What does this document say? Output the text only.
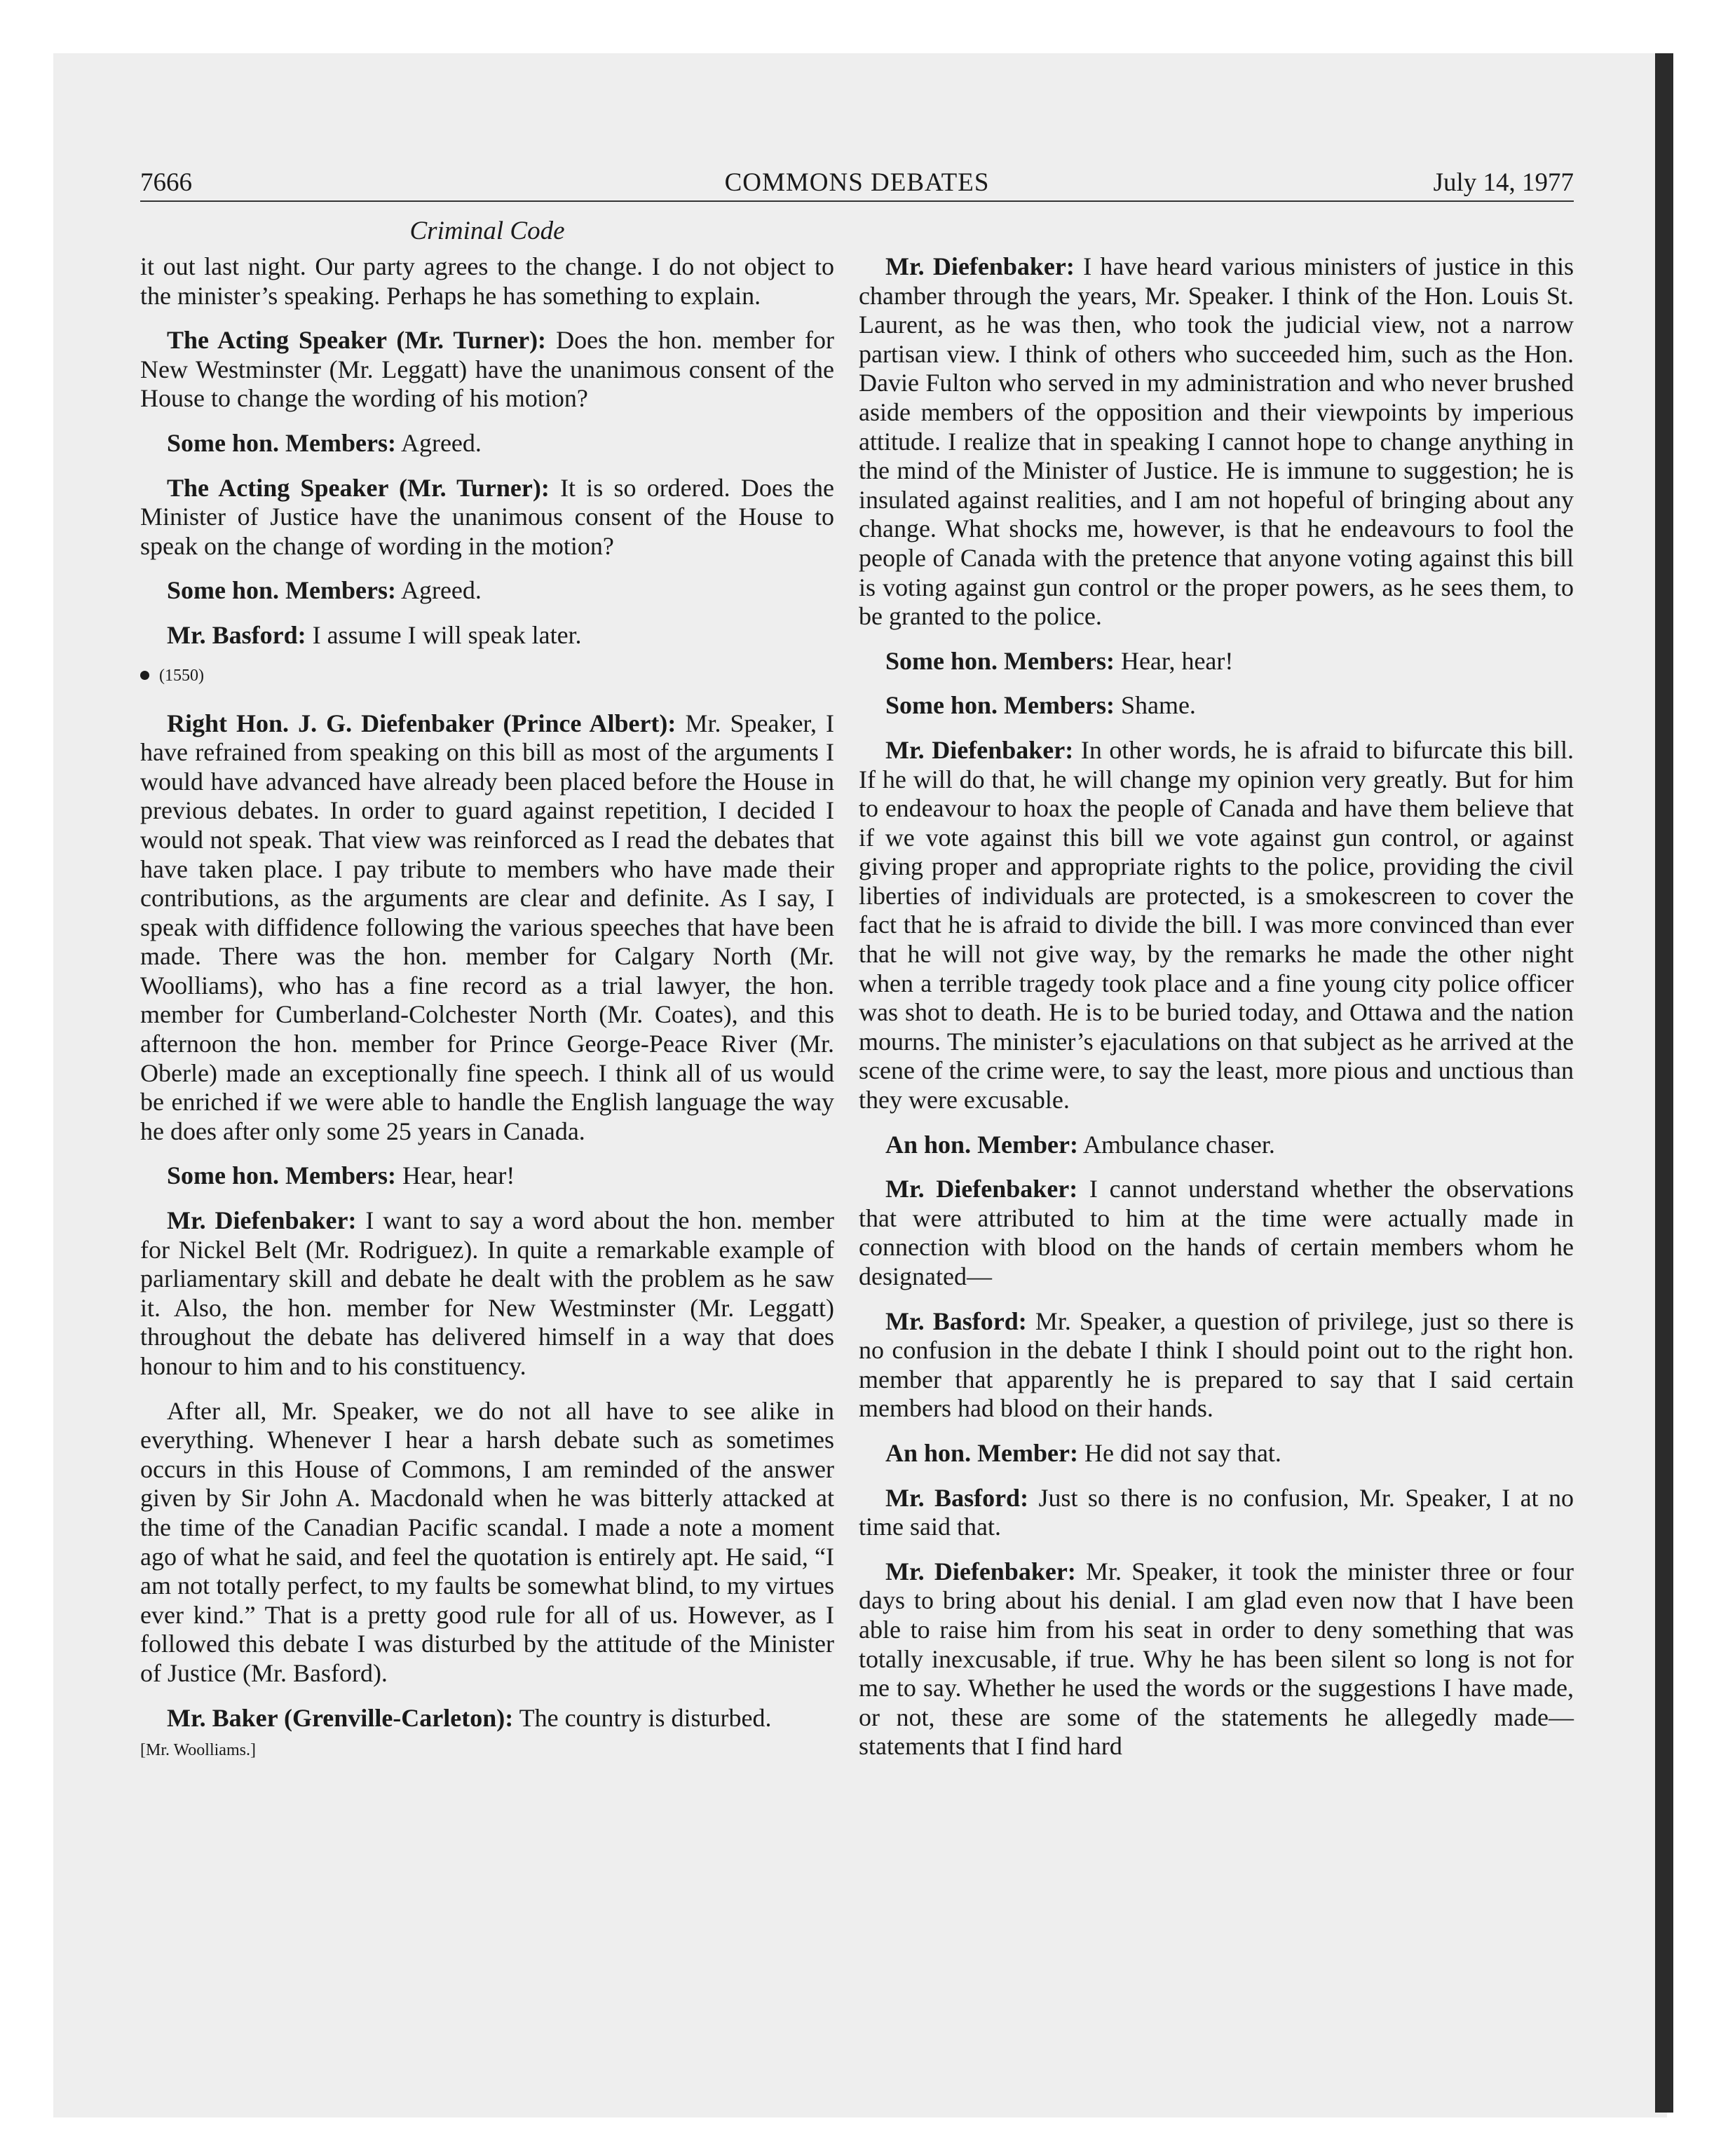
7666	COMMONS DEBATES	July 14, 1977
Criminal Code

it out last night. Our party agrees to the change. I do not object to the minister’s speaking. Perhaps he has something to explain.

The Acting Speaker (Mr. Turner): Does the hon. member for New Westminster (Mr. Leggatt) have the unanimous consent of the House to change the wording of his motion?

Some hon. Members: Agreed.

The Acting Speaker (Mr. Turner): It is so ordered. Does the Minister of Justice have the unanimous consent of the House to speak on the change of wording in the motion?

Some hon. Members: Agreed.

Mr. Basford: I assume I will speak later.

(1550)

Right Hon. J. G. Diefenbaker (Prince Albert): Mr. Speaker, I have refrained from speaking on this bill as most of the arguments I would have advanced have already been placed before the House in previous debates. In order to guard against repetition, I decided I would not speak. That view was reinforced as I read the debates that have taken place. I pay tribute to members who have made their contributions, as the arguments are clear and definite. As I say, I speak with diffidence following the various speeches that have been made. There was the hon. member for Calgary North (Mr. Woolliams), who has a fine record as a trial lawyer, the hon. member for Cumberland-Colchester North (Mr. Coates), and this afternoon the hon. member for Prince George-Peace River (Mr. Oberle) made an exceptionally fine speech. I think all of us would be enriched if we were able to handle the English language the way he does after only some 25 years in Canada.

Some hon. Members: Hear, hear!

Mr. Diefenbaker: I want to say a word about the hon. member for Nickel Belt (Mr. Rodriguez). In quite a remarkable example of parliamentary skill and debate he dealt with the problem as he saw it. Also, the hon. member for New Westminster (Mr. Leggatt) throughout the debate has delivered himself in a way that does honour to him and to his constituency.

After all, Mr. Speaker, we do not all have to see alike in everything. Whenever I hear a harsh debate such as sometimes occurs in this House of Commons, I am reminded of the answer given by Sir John A. Macdonald when he was bitterly attacked at the time of the Canadian Pacific scandal. I made a note a moment ago of what he said, and feel the quotation is entirely apt. He said, “I am not totally perfect, to my faults be somewhat blind, to my virtues ever kind.” That is a pretty good rule for all of us. However, as I followed this debate I was disturbed by the attitude of the Minister of Justice (Mr. Basford).

Mr. Baker (Grenville-Carleton): The country is disturbed.

[Mr. Woolliams.]

Mr. Diefenbaker: I have heard various ministers of justice in this chamber through the years, Mr. Speaker. I think of the Hon. Louis St. Laurent, as he was then, who took the judicial view, not a narrow partisan view. I think of others who succeeded him, such as the Hon. Davie Fulton who served in my administration and who never brushed aside members of the opposition and their viewpoints by imperious attitude. I realize that in speaking I cannot hope to change anything in the mind of the Minister of Justice. He is immune to suggestion; he is insulated against realities, and I am not hopeful of bringing about any change. What shocks me, however, is that he endeavours to fool the people of Canada with the pretence that anyone voting against this bill is voting against gun control or the proper powers, as he sees them, to be granted to the police.

Some hon. Members: Hear, hear!

Some hon. Members: Shame.

Mr. Diefenbaker: In other words, he is afraid to bifurcate this bill. If he will do that, he will change my opinion very greatly. But for him to endeavour to hoax the people of Canada and have them believe that if we vote against this bill we vote against gun control, or against giving proper and appropriate rights to the police, providing the civil liberties of individuals are protected, is a smokescreen to cover the fact that he is afraid to divide the bill. I was more convinced than ever that he will not give way, by the remarks he made the other night when a terrible tragedy took place and a fine young city police officer was shot to death. He is to be buried today, and Ottawa and the nation mourns. The minister’s ejaculations on that subject as he arrived at the scene of the crime were, to say the least, more pious and unctious than they were excusable.

An hon. Member: Ambulance chaser.

Mr. Diefenbaker: I cannot understand whether the observations that were attributed to him at the time were actually made in connection with blood on the hands of certain members whom he designated—

Mr. Basford: Mr. Speaker, a question of privilege, just so there is no confusion in the debate I think I should point out to the right hon. member that apparently he is prepared to say that I said certain members had blood on their hands.

An hon. Member: He did not say that.

Mr. Basford: Just so there is no confusion, Mr. Speaker, I at no time said that.

Mr. Diefenbaker: Mr. Speaker, it took the minister three or four days to bring about his denial. I am glad even now that I have been able to raise him from his seat in order to deny something that was totally inexcusable, if true. Why he has been silent so long is not for me to say. Whether he used the words or the suggestions I have made, or not, these are some of the statements he allegedly made—statements that I find hard
